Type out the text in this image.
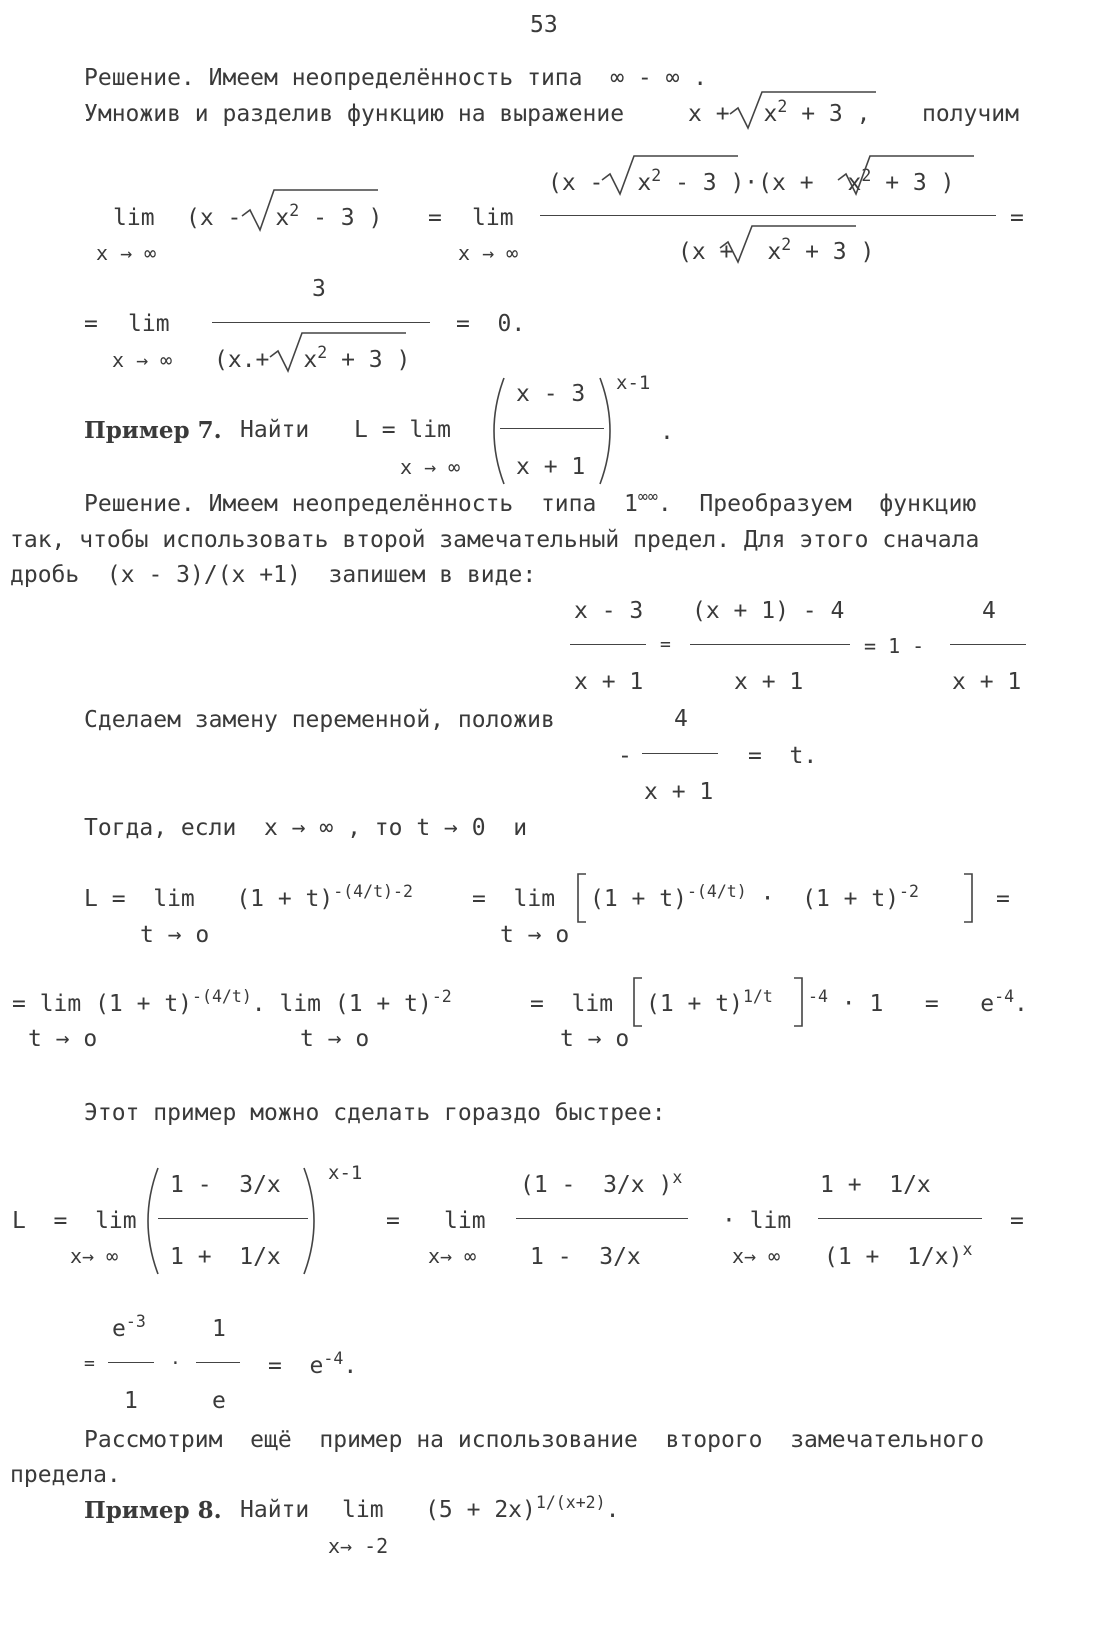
53
Решение. Имеем неопределённость типа  ∞ - ∞ .
Умножив и разделив функцию на выражение	$x + x^2 + 3$ , получим
lim
x → ∞
($x - x^2 - 3$ ) = lim
x → ∞
($x - x^2 - 3$ )$\cdot(x + x^2 + 3$ )
($x + x^2 + 3$ )
=
= lim
x → ∞
3
($x.+ x^2 + 3$ )
=  0.
Пример 7. Найти L = lim
x → ∞
x - 3
x + 1
x-1
.
Решение. Имеем неопределённость  типа  1∞∞.  Преобразуем  функцию
так, чтобы использовать второй замечательный предел. Для этого сначала
дробь  (x - 3)/(x +1)  запишем в виде:
x - 3
x + 1
=
(x + 1) - 4
x + 1
= 1 -
4
x + 1
Сделаем замену переменной, положив	4
-
x + 1
=  t.
Тогда, если  x → ∞ , то t → 0  и
$L = \lim (1 + t)^{-(4/t)-2}$	=  $\lim (1 + t)^{-(4/t)} \cdot (1 + t)^{-2}$	=
t → o	t → o
= $\lim (1 + t)^{-(4/t)}$. $\lim (1 + t)^{-2}$	=  $\lim (1 + t)^{1/t}$ $^{-4} \cdot 1 = e^{-4}$.
t → o	t → o	t → o
Этот пример можно сделать гораздо быстрее:
L  =  lim
x→ ∞
1 -  3/x
1 +  1/x
x-1
= lim
x→ ∞
(1 -  3/x )$^x$
1 -  3/x
· lim
x→ ∞
1 +  1/x
$(1 + 1/x)^x$
=
=
$e^{-3}$
1
·
1
e
=  $e^{-4}$.
Рассмотрим  ещё  пример на использование  второго  замечательного
предела.
Пример 8. Найти $\lim (5 + 2x)^{1/(x+2)}$.
x→ -2
